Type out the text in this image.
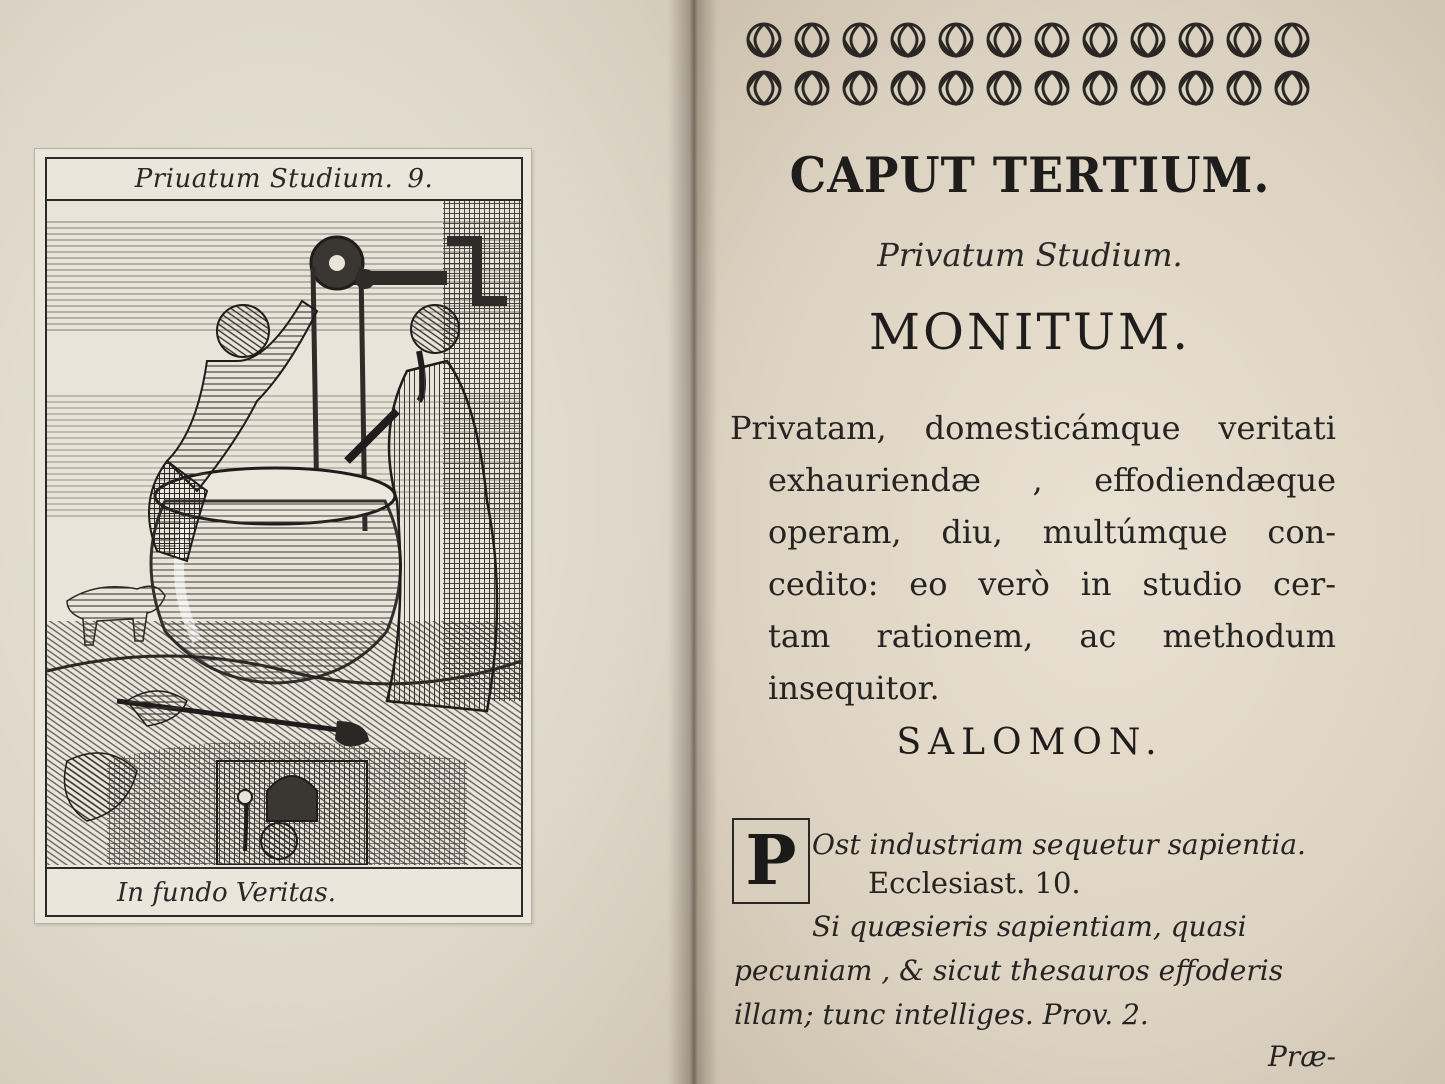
Priuatum Studium. 9.
In fundo Veritas.
CAPUT TERTIUM.
Privatum Studium.
MONITUM.
Privatam, domesticámque veritati
exhauriendæ , effodiendæque
operam, diu, multúmque con-
cedito: eo verò in studio cer-
tam rationem, ac methodum
insequitor.
SALOMON.
P Ost industriam sequetur sapientia.
Ecclesiast. 10.
Si quæsieris sapientiam, quasi
pecuniam , & sicut thesauros effoderis
illam; tunc intelliges. Prov. 2.
Præ-
